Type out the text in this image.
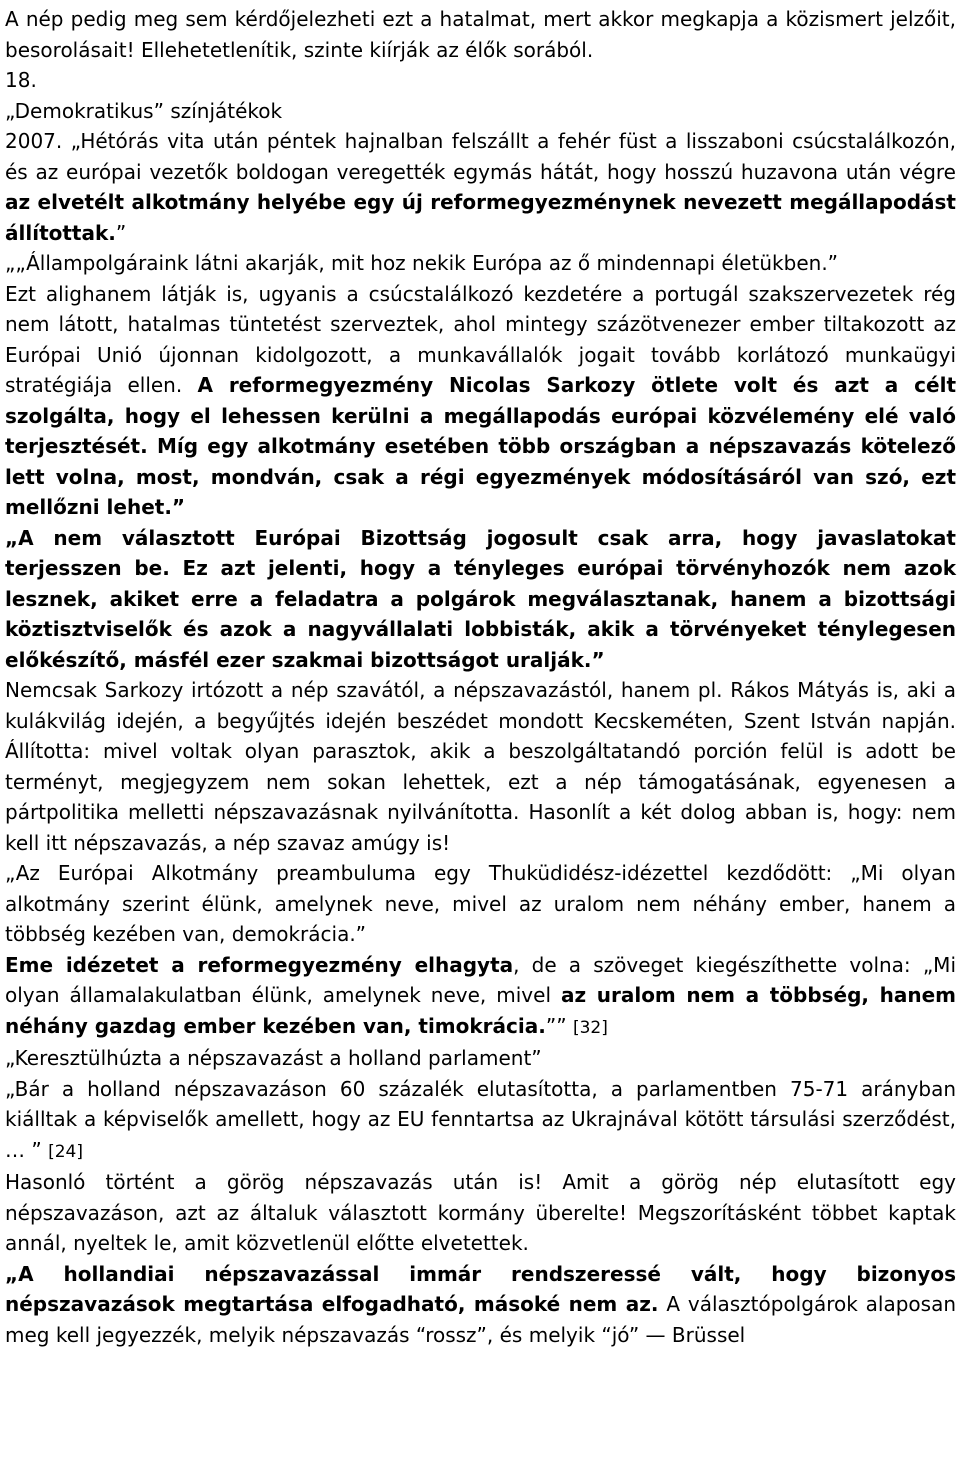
A nép pedig meg sem kérdőjelezheti ezt a hatalmat, mert akkor megkapja a közismert jelzőit, besorolásait! Ellehetetlenítik, szinte kiírják az élők sorából.

18.

„Demokratikus” színjátékok

2007. „Hétórás vita után péntek hajnalban felszállt a fehér füst a lisszaboni csúcstalálkozón, és az európai vezetők boldogan veregették egymás hátát, hogy hosszú huzavona után végre az elvetélt alkotmány helyébe egy új reformegyezménynek nevezett megállapodást állítottak.”

„„Állampolgáraink látni akarják, mit hoz nekik Európa az ő mindennapi életükben.”

Ezt alighanem látják is, ugyanis a csúcstalálkozó kezdetére a portugál szakszervezetek rég nem látott, hatalmas tüntetést szerveztek, ahol mintegy százötvenezer ember tiltakozott az Európai Unió újonnan kidolgozott, a munkavállalók jogait tovább korlátozó munkaügyi stratégiája ellen. A reformegyezmény Nicolas Sarkozy ötlete volt és azt a célt szolgálta, hogy el lehessen kerülni a megállapodás európai közvélemény elé való terjesztését. Míg egy alkotmány esetében több országban a népszavazás kötelező lett volna, most, mondván, csak a régi egyezmények módosításáról van szó, ezt mellőzni lehet.”

„A nem választott Európai Bizottság jogosult csak arra, hogy javaslatokat terjesszen be. Ez azt jelenti, hogy a tényleges európai törvényhozók nem azok lesznek, akiket erre a feladatra a polgárok megválasztanak, hanem a bizottsági köztisztviselők és azok a nagyvállalati lobbisták, akik a törvényeket ténylegesen előkészítő, másfél ezer szakmai bizottságot uralják.”

Nemcsak Sarkozy irtózott a nép szavától, a népszavazástól, hanem pl. Rákos Mátyás is, aki a kulákvilág idején, a begyűjtés idején beszédet mondott Kecskeméten, Szent István napján. Állította: mivel voltak olyan parasztok, akik a beszolgáltatandó porción felül is adott be terményt, megjegyzem nem sokan lehettek, ezt a nép támogatásának, egyenesen a pártpolitika melletti népszavazásnak nyilvánította. Hasonlít a két dolog abban is, hogy: nem kell itt népszavazás, a nép szavaz amúgy is!

„Az Európai Alkotmány preambuluma egy Thuküdidész-idézettel kezdődött: „Mi olyan alkotmány szerint élünk, amelynek neve, mivel az uralom nem néhány ember, hanem a többség kezében van, demokrácia.”

Eme idézetet a reformegyezmény elhagyta, de a szöveget kiegészíthette volna: „Mi olyan államalakulatban élünk, amelynek neve, mivel az uralom nem a többség, hanem néhány gazdag ember kezében van, timokrácia.”” [32]

„Keresztülhúzta a népszavazást a holland parlament”

„Bár a holland népszavazáson 60 százalék elutasította, a parlamentben 75-71 arányban kiálltak a képviselők amellett, hogy az EU fenntartsa az Ukrajnával kötött társulási szerződést, … ” [24]

Hasonló történt a görög népszavazás után is! Amit a görög nép elutasított egy népszavazáson, azt az általuk választott kormány überelte! Megszorításként többet kaptak annál, nyeltek le, amit közvetlenül előtte elvetettek.

„A hollandiai népszavazással immár rendszeressé vált, hogy bizonyos népszavazások megtartása elfogadható, másoké nem az. A választópolgárok alaposan meg kell jegyezzék, melyik népszavazás “rossz”, és melyik “jó” — Brüssel
